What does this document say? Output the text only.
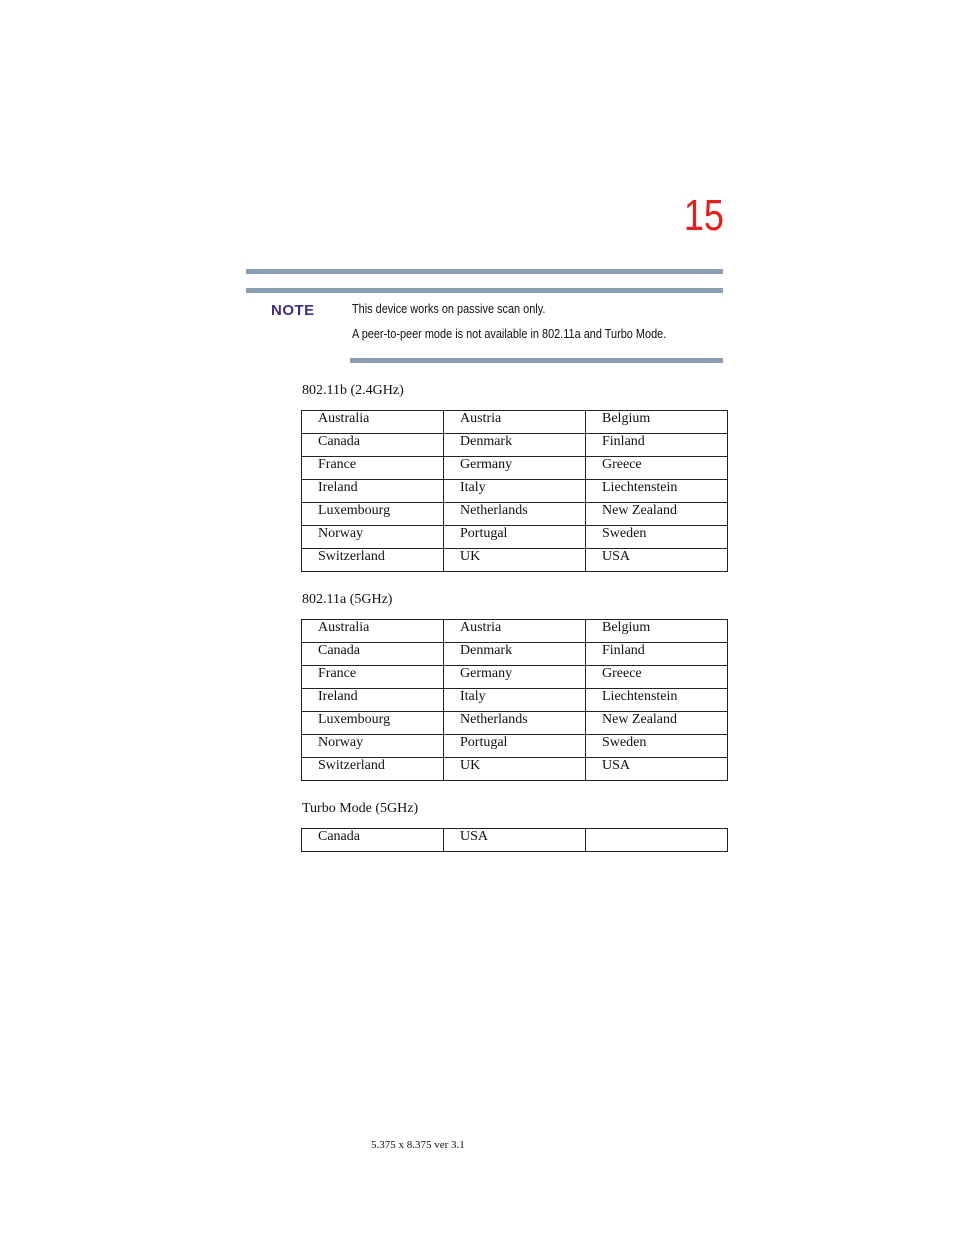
15
NOTE	This device works on passive scan only.
A peer-to-peer mode is not available in 802.11a and Turbo Mode.
802.11b (2.4GHz)
Australia	Austria	Belgium
Canada	Denmark	Finland
France	Germany	Greece
Ireland	Italy	Liechtenstein
Luxembourg	Netherlands	New Zealand
Norway	Portugal	Sweden
Switzerland	UK	USA
802.11a (5GHz)
Australia	Austria	Belgium
Canada	Denmark	Finland
France	Germany	Greece
Ireland	Italy	Liechtenstein
Luxembourg	Netherlands	New Zealand
Norway	Portugal	Sweden
Switzerland	UK	USA
Turbo Mode (5GHz)
Canada	USA	
5.375 x 8.375 ver 3.1
